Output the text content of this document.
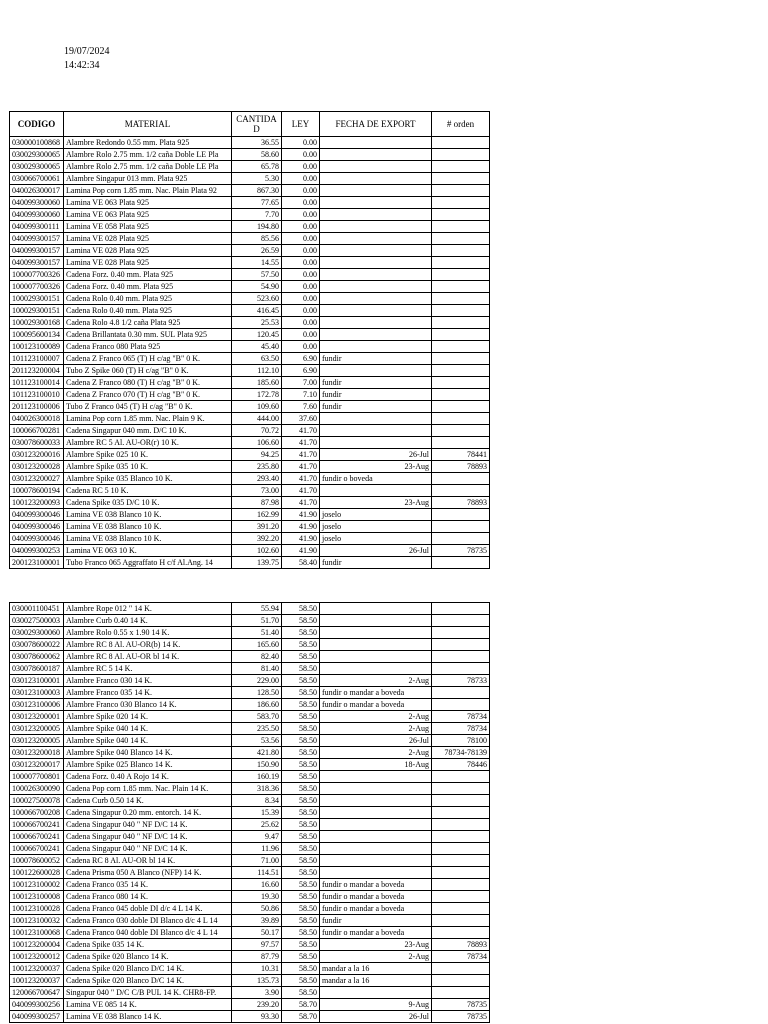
19/07/2024
14:42:34
CODIGO	MATERIAL	CANTIDA D	LEY	FECHA DE EXPORT	# orden
030000100868	Alambre Redondo 0.55 mm. Plata 925	36.55	0.00		
030029300065	Alambre Rolo 2.75 mm. 1/2 caña Doble LE Pla	58.60	0.00		
030029300065	Alambre Rolo 2.75 mm. 1/2 caña Doble LE Pla	65.78	0.00		
030066700061	Alambre Singapur 013 mm. Plata 925	5.30	0.00		
040026300017	Lamina Pop corn 1.85 mm. Nac. Plain Plata 92	867.30	0.00		
040099300060	Lamina VE 063 Plata 925	77.65	0.00		
040099300060	Lamina VE 063 Plata 925	7.70	0.00		
040099300111	Lamina VE 058 Plata 925	194.80	0.00		
040099300157	Lamina VE 028 Plata 925	85.56	0.00		
040099300157	Lamina VE 028 Plata 925	26.59	0.00		
040099300157	Lamina VE 028 Plata 925	14.55	0.00		
100007700326	Cadena Forz. 0.40 mm. Plata 925	57.50	0.00		
100007700326	Cadena Forz. 0.40 mm. Plata 925	54.90	0.00		
100029300151	Cadena Rolo 0.40 mm. Plata 925	523.60	0.00		
100029300151	Cadena Rolo 0.40 mm. Plata 925	416.45	0.00		
100029300168	Cadena Rolo 4.8 1/2 caña Plata 925	25.53	0.00		
100095600134	Cadena Brillantata 0.30 mm. SUL Plata 925	120.45	0.00		
100123100089	Cadena Franco 080 Plata 925	45.40	0.00		
101123100007	Cadena Z Franco 065 (T) H c/ag "B" 0 K.	63.50	6.90	fundir	
201123200004	Tubo Z Spike 060 (T) H c/ag "B" 0 K.	112.10	6.90		
101123100014	Cadena Z Franco 080 (T) H c/ag "B" 0 K.	185.60	7.00	fundir	
101123100010	Cadena Z Franco 070 (T) H c/ag "B" 0 K.	172.78	7.10	fundir	
201123100006	Tubo Z Franco 045 (T) H c/ag "B" 0 K.	109.60	7.60	fundir	
040026300018	Lamina Pop corn 1.85 mm. Nac. Plain 9 K.	444.00	37.60		
100066700281	Cadena Singapur 040 mm. D/C 10 K.	70.72	41.70		
030078600033	Alambre RC 5 Al. AU-OR(r) 10 K.	106.60	41.70		
030123200016	Alambre Spike 025 10 K.	94.25	41.70	26-Jul	78441
030123200028	Alambre Spike 035 10 K.	235.80	41.70	23-Aug	78893
030123200027	Alambre Spike 035 Blanco 10 K.	293.40	41.70	fundir o boveda	
100078600194	Cadena RC 5 10 K.	73.00	41.70		
100123200093	Cadena Spike 035 D/C 10 K.	87.98	41.70	23-Aug	78893
040099300046	Lamina VE 038 Blanco 10 K.	162.99	41.90	joselo	
040099300046	Lamina VE 038 Blanco 10 K.	391.20	41.90	joselo	
040099300046	Lamina VE 038 Blanco 10 K.	392.20	41.90	joselo	
040099300253	Lamina VE 063 10 K.	102.60	41.90	26-Jul	78735
200123100001	Tubo Franco 065 Aggraffato H c/f Al.Ang. 14	139.75	58.40	fundir	
030001100451	Alambre Rope 012 " 14 K.	55.94	58.50		
030027500003	Alambre Curb 0.40 14 K.	51.70	58.50		
030029300060	Alambre Rolo 0.55 x 1.90 14 K.	51.40	58.50		
030078600022	Alambre RC 8 Al. AU-OR(b) 14 K.	165.60	58.50		
030078600062	Alambre RC 8 Al. AU-OR bl 14 K.	82.40	58.50		
030078600187	Alambre RC 5 14 K.	81.40	58.50		
030123100001	Alambre Franco 030 14 K.	229.00	58.50	2-Aug	78733
030123100003	Alambre Franco 035 14 K.	128.50	58.50	fundir o mandar a boveda	
030123100006	Alambre Franco 030 Blanco 14 K.	186.60	58.50	fundir o mandar a boveda	
030123200001	Alambre Spike 020 14 K.	583.70	58.50	2-Aug	78734
030123200005	Alambre Spike 040 14 K.	235.50	58.50	2-Aug	78734
030123200005	Alambre Spike 040 14 K.	53.56	58.50	26-Jul	78100
030123200018	Alambre Spike 040 Blanco 14 K.	421.80	58.50	2-Aug	78734-78139
030123200017	Alambre Spike 025 Blanco 14 K.	150.90	58.50	18-Aug	78446
100007700801	Cadena Forz. 0.40 A Rojo 14 K.	160.19	58.50		
100026300090	Cadena Pop corn 1.85 mm. Nac. Plain 14 K.	318.36	58.50		
100027500078	Cadena Curb 0.50 14 K.	8.34	58.50		
100066700208	Cadena Singapur 0.20 mm. entorch. 14 K.	15.39	58.50		
100066700241	Cadena Singapur 040 " NF D/C 14 K.	25.62	58.50		
100066700241	Cadena Singapur 040 " NF D/C 14 K.	9.47	58.50		
100066700241	Cadena Singapur 040 " NF D/C 14 K.	11.96	58.50		
100078600052	Cadena RC 8 Al. AU-OR bl 14 K.	71.00	58.50		
100122600028	Cadena Prisma 050 A Blanco (NFP) 14 K.	114.51	58.50		
100123100002	Cadena Franco 035 14 K.	16.60	58.50	fundir o mandar a boveda	
100123100008	Cadena Franco 080 14 K.	19.30	58.50	fundir o mandar a boveda	
100123100028	Cadena Franco 045 doble DI d/c 4 L 14 K.	50.86	58.50	fundir o mandar a boveda	
100123100032	Cadena Franco 030 doble DI Blanco d/c 4 L 14	39.89	58.50	fundir	
100123100068	Cadena Franco 040 doble DI Blanco d/c 4 L 14	50.17	58.50	fundir o mandar a boveda	
100123200004	Cadena Spike 035 14 K.	97.57	58.50	23-Aug	78893
100123200012	Cadena Spike 020 Blanco 14 K.	87.79	58.50	2-Aug	78734
100123200037	Cadena Spike 020 Blanco D/C 14 K.	10.31	58.50	mandar a la 16	
100123200037	Cadena Spike 020 Blanco D/C 14 K.	135.73	58.50	mandar a la 16	
120066700647	Singapur 040 " D/C C/B PUL 14 K. CHR8-FP.	3.90	58.50		
040099300256	Lamina VE 085 14 K.	239.20	58.70	9-Aug	78735
040099300257	Lamina VE 038 Blanco 14 K.	93.30	58.70	26-Jul	78735
